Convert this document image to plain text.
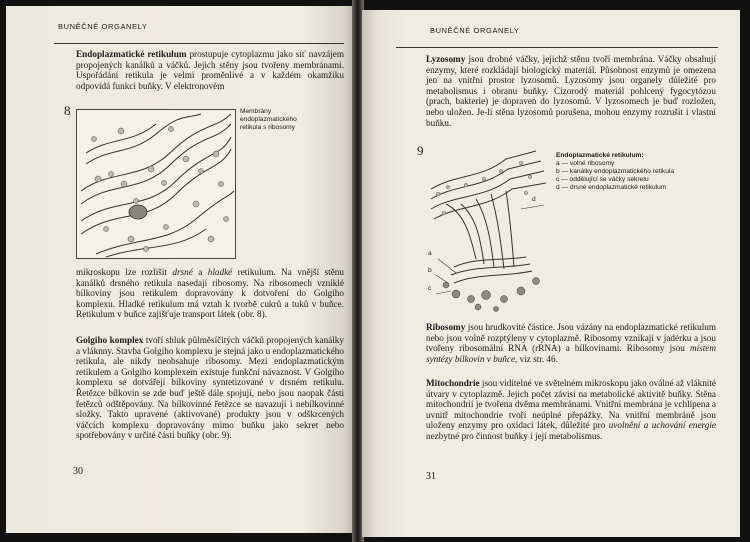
BUNĚČNÉ ORGANELY
Endoplazmatické retikulum prostupuje cytoplazmu jako síť navzájem propojených kanálků a váčků. Jejich stěny jsou tvořeny membránami. Uspořádání retikula je velmi proměnlivé a v každém okamžiku odpovídá funkci buňky. V elektronovém
8	Membrány endoplazmatického retikula s ribosomy
mikroskopu lze rozlišit drsné a hladké retikulum. Na vnější stěnu kanálků drsného retikula nasedají ribosomy. Na ribosomech vzniklé bílkoviny jsou retikulem dopravovány k dotvoření do Golgiho komplexu. Hladké retikulum má vztah k tvorbě cukrů a tuků v buňce. Retikulum v buňce zajišťuje transport látek (obr. 8).
Golgiho komplex tvoří shluk půlměsíčitých váčků propojených kanálky a vláknny. Stavba Golgiho komplexu je stejná jako u endoplazmatického retikula, ale nikdy neobsahuje ribosomy. Mezi endoplazmatickým retikulem a Golgiho komplexem existuje funkční návaznost. V Golgiho komplexu se dotvářejí bílkoviny syntetizované v drsném retikulu. Řetězce bílkovin se zde buď ještě dále spojují, nebo jsou naopak části řetězců odštěpovány. Na bílkovinné řetězce se navazují i nebílkovinné složky. Takto upravené (aktivované) produkty jsou v odškrcených váčcích komplexu dopravovány mimo buňku jako sekret nebo spotřebovány v určité části buňky (obr. 9).
30
BUNĚČNÉ ORGANELY
Lyzosomy jsou drobné váčky, jejichž stěnu tvoří membrána. Váčky obsahují enzymy, které rozkládají biologický materiál. Působnost enzymů je omezena jen na vnitřní prostor lyzosomů. Lyzosomy jsou organely důležité pro metabolismus i obranu buňky. Cizorodý materiál pohlcený fygocytózou (prach, bakterie) je dopraven do lyzosomů. V lyzosomech je buď rozložen, nebo uložen. Je-li stěna lyzosomů porušena, mohou enzymy rozrušit i vlastní buňku.
9
d
a
b
c
Endoplazmatické retikulum:
a — volné ribosomy
b — kanálky endoplazmatického retikula
c — oddělující se váčky sekretu
d — drsné endoplazmatické retikulum
Ribosomy jsou hrudkovité částice. Jsou vázány na endoplazmatické retikulum nebo jsou volně rozptýleny v cytoplazmě. Ribosomy vznikají v jadérku a jsou tvořeny ribosomální RNA (rRNA) a bílkovinami. Ribosomy jsou místem syntézy bílkovin v buňce, viz str. 46.
Mitochondrie jsou viditelné ve světelném mikroskopu jako oválné až vláknité útvary v cytoplazmě. Jejich počet závisí na metabolické aktivitě buňky. Stěna mitochondrií je tvořena dvěma membránami. Vnitřní membrána je vchlípena a uvnitř mitochondrie tvoří neúplné přepážky. Na vnitřní membráně jsou uloženy enzymy pro oxidaci látek, důležité pro uvolnění a uchování energie nezbytné pro činnost buňky i její metabolismus.
31
